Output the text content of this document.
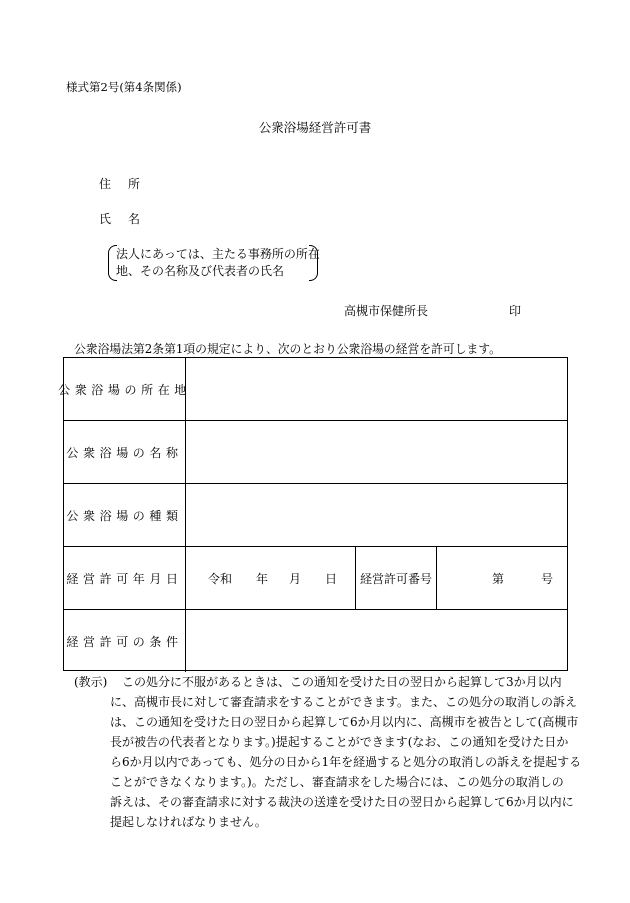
様式第2号(第4条関係)
公衆浴場経営許可書
住所
氏名
法人にあっては、主たる事務所の所在
地、その名称及び代表者の氏名
高槻市保健所長	印
公衆浴場法第2条第1項の規定により、次のとおり公衆浴場の経営を許可します。
公衆浴場の所在地
公衆浴場の名称
公衆浴場の種類
経営許可年月日 令和 年 月 日	経営許可番号	第	号
経営許可の条件
(教示) この処分に不服があるときは、この通知を受けた日の翌日から起算して3か月以内
に、高槻市長に対して審査請求をすることができます。また、この処分の取消しの訴え
は、この通知を受けた日の翌日から起算して6か月以内に、高槻市を被告として(高槻市
長が被告の代表者となります。)提起することができます(なお、この通知を受けた日か
ら6か月以内であっても、処分の日から1年を経過すると処分の取消しの訴えを提起する
ことができなくなります。)。ただし、審査請求をした場合には、この処分の取消しの
訴えは、その審査請求に対する裁決の送達を受けた日の翌日から起算して6か月以内に
提起しなければなりません。
